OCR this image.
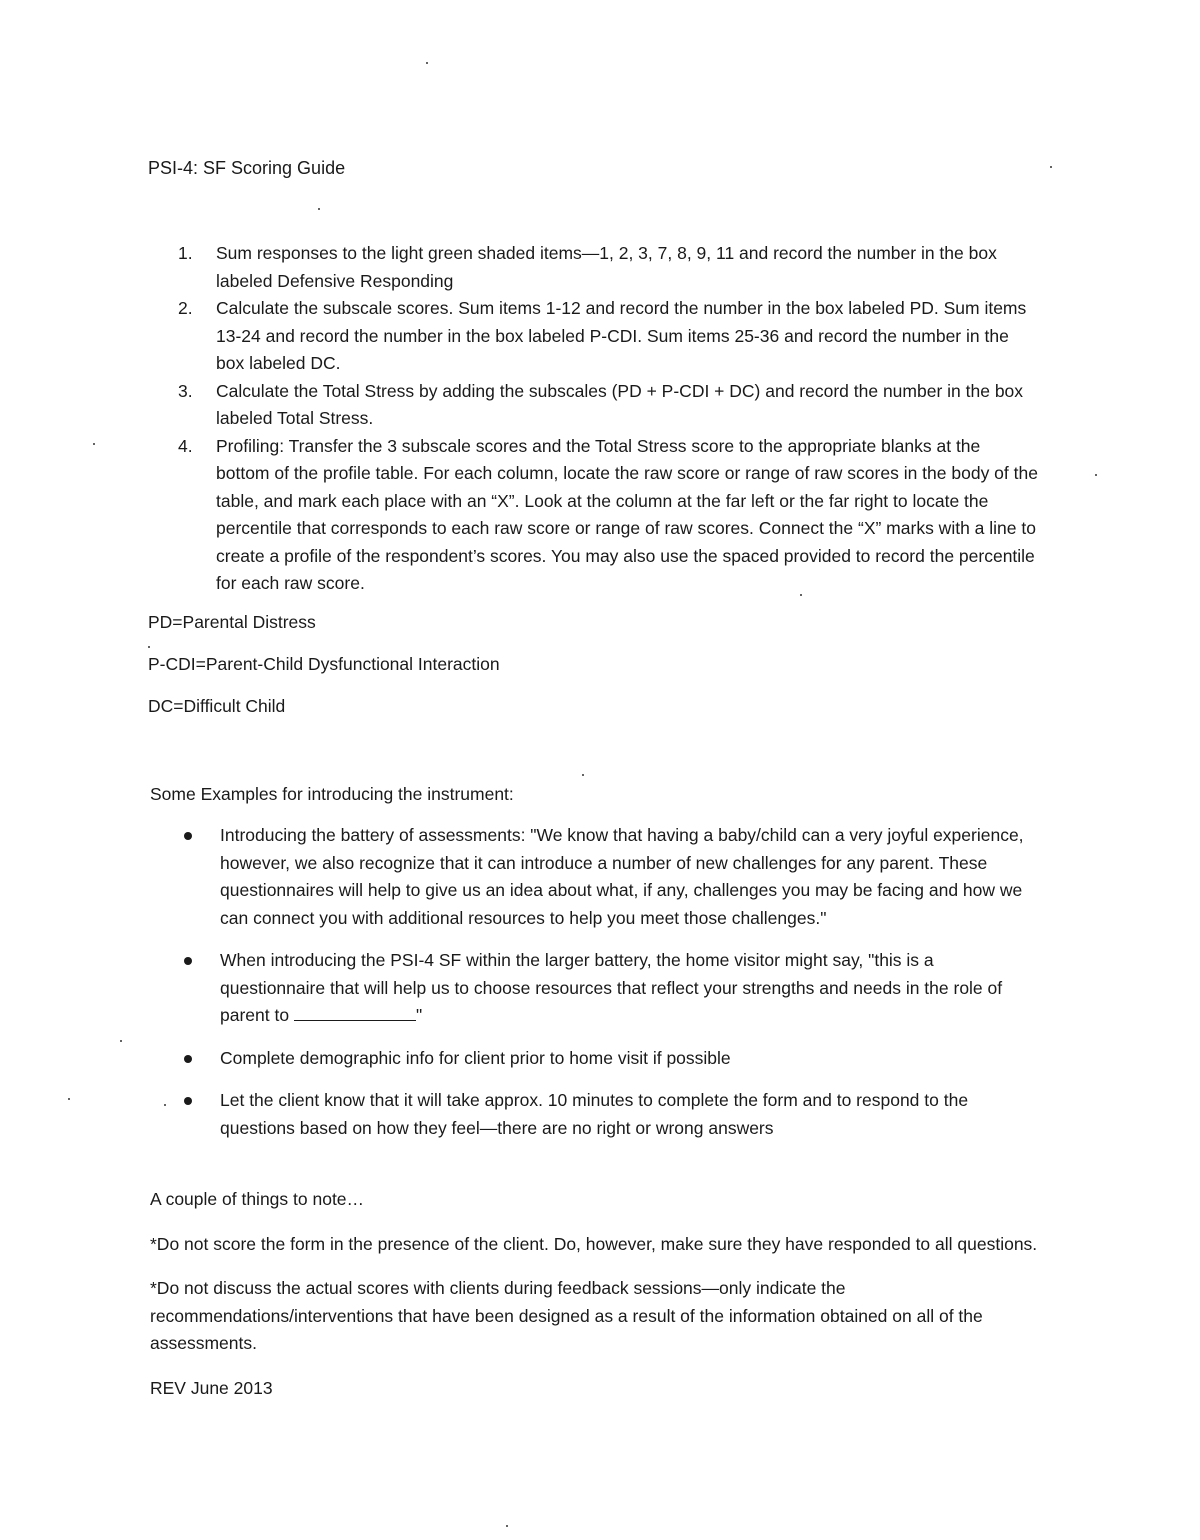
PSI-4: SF Scoring Guide
1. Sum responses to the light green shaded items—1, 2, 3, 7, 8, 9, 11 and record the number in the box labeled Defensive Responding
2. Calculate the subscale scores. Sum items 1-12 and record the number in the box labeled PD. Sum items 13-24 and record the number in the box labeled P-CDI. Sum items 25-36 and record the number in the box labeled DC.
3. Calculate the Total Stress by adding the subscales (PD + P-CDI + DC) and record the number in the box labeled Total Stress.
4. Profiling: Transfer the 3 subscale scores and the Total Stress score to the appropriate blanks at the bottom of the profile table. For each column, locate the raw score or range of raw scores in the body of the table, and mark each place with an “X”. Look at the column at the far left or the far right to locate the percentile that corresponds to each raw score or range of raw scores. Connect the “X” marks with a line to create a profile of the respondent’s scores. You may also use the spaced provided to record the percentile for each raw score.

PD=Parental Distress

P-CDI=Parent-Child Dysfunctional Interaction

DC=Difficult Child

Some Examples for introducing the instrument:
Introducing the battery of assessments: "We know that having a baby/child can a very joyful experience, however, we also recognize that it can introduce a number of new challenges for any parent. These questionnaires will help to give us an idea about what, if any, challenges you may be facing and how we can connect you with additional resources to help you meet those challenges."
When introducing the PSI-4 SF within the larger battery, the home visitor might say, "this is a questionnaire that will help us to choose resources that reflect your strengths and needs in the role of parent to	"
Complete demographic info for client prior to home visit if possible
Let the client know that it will take approx. 10 minutes to complete the form and to respond to the questions based on how they feel—there are no right or wrong answers

A couple of things to note…

*Do not score the form in the presence of the client. Do, however, make sure they have responded to all questions.

*Do not discuss the actual scores with clients during feedback sessions—only indicate the recommendations/interventions that have been designed as a result of the information obtained on all of the assessments.

REV June 2013
